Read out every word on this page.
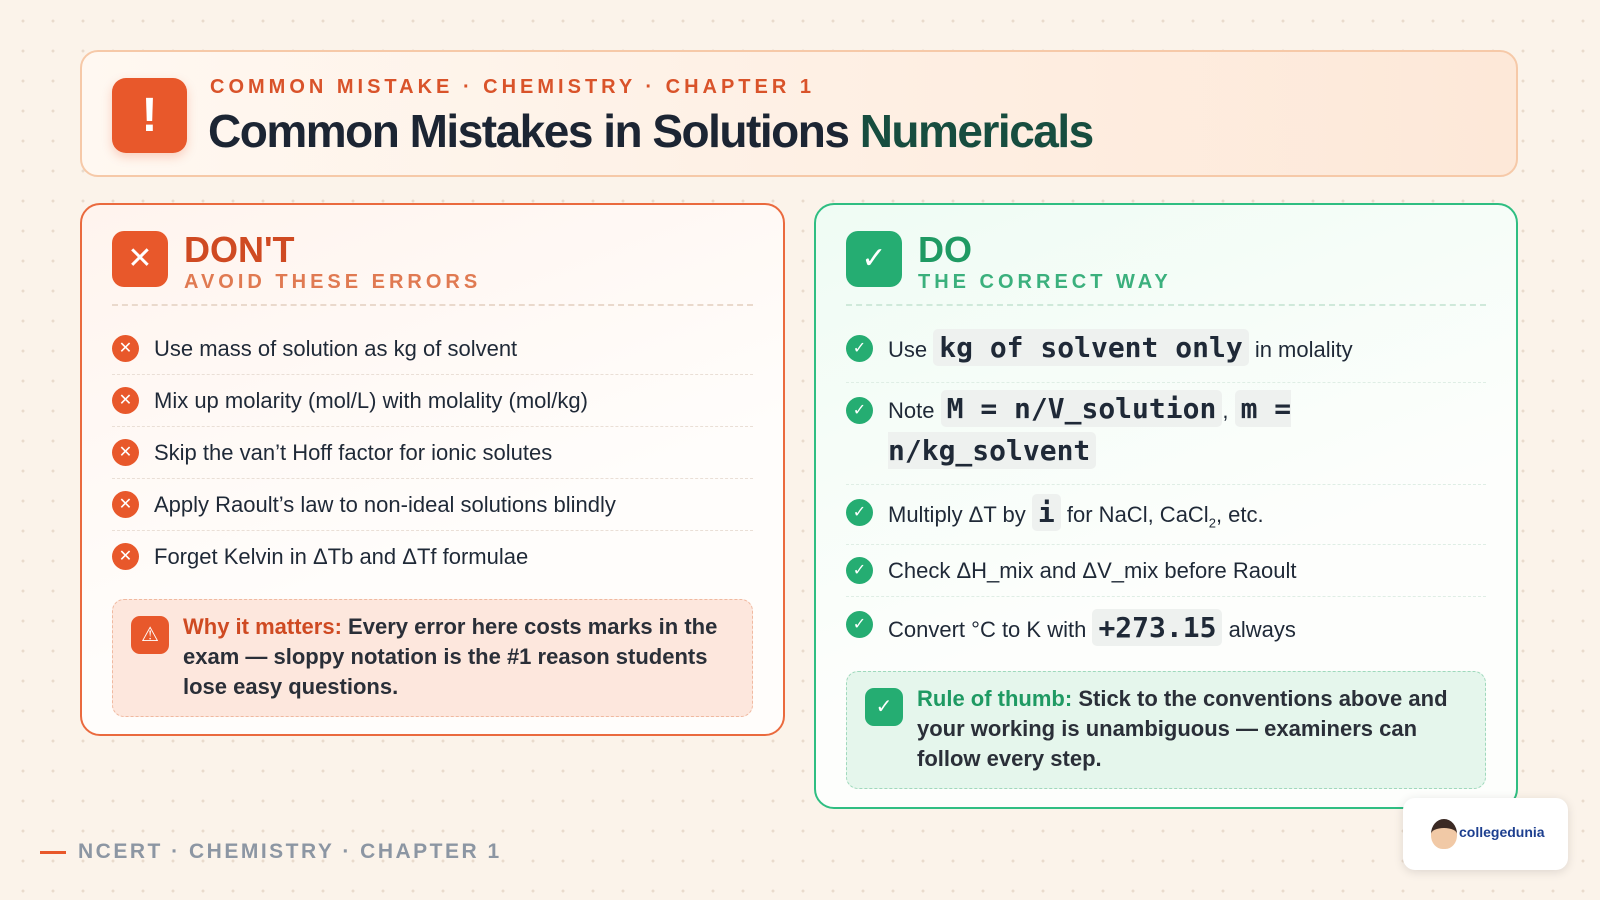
!
COMMON MISTAKE · CHEMISTRY · CHAPTER 1
Common Mistakes in Solutions Numericals
✕ DON'T
AVOID THESE ERRORS
✕ Use mass of solution as kg of solvent
✕ Mix up molarity (mol/L) with molality (mol/kg)
✕ Skip the van’t Hoff factor for ionic solutes
✕ Apply Raoult’s law to non-ideal solutions blindly
✕ Forget Kelvin in ΔTb and ΔTf formulae
⚠	Why it matters: Every error here costs marks in the exam — sloppy notation is the #1 reason students lose easy questions.
✓ DO
THE CORRECT WAY
✓ Use kg of solvent only in molality
✓ Note M = n/V_solution , m = n/kg_solvent
✓ Multiply ΔT by i for NaCl, CaCl$_2$, etc.
✓ Check ΔH_mix and ΔV_mix before Raoult
✓ Convert °C to K with +273.15 always
✓	Rule of thumb: Stick to the conventions above and your working is unambiguous — examiners can follow every step.
NCERT · CHEMISTRY · CHAPTER 1
collegedunia
